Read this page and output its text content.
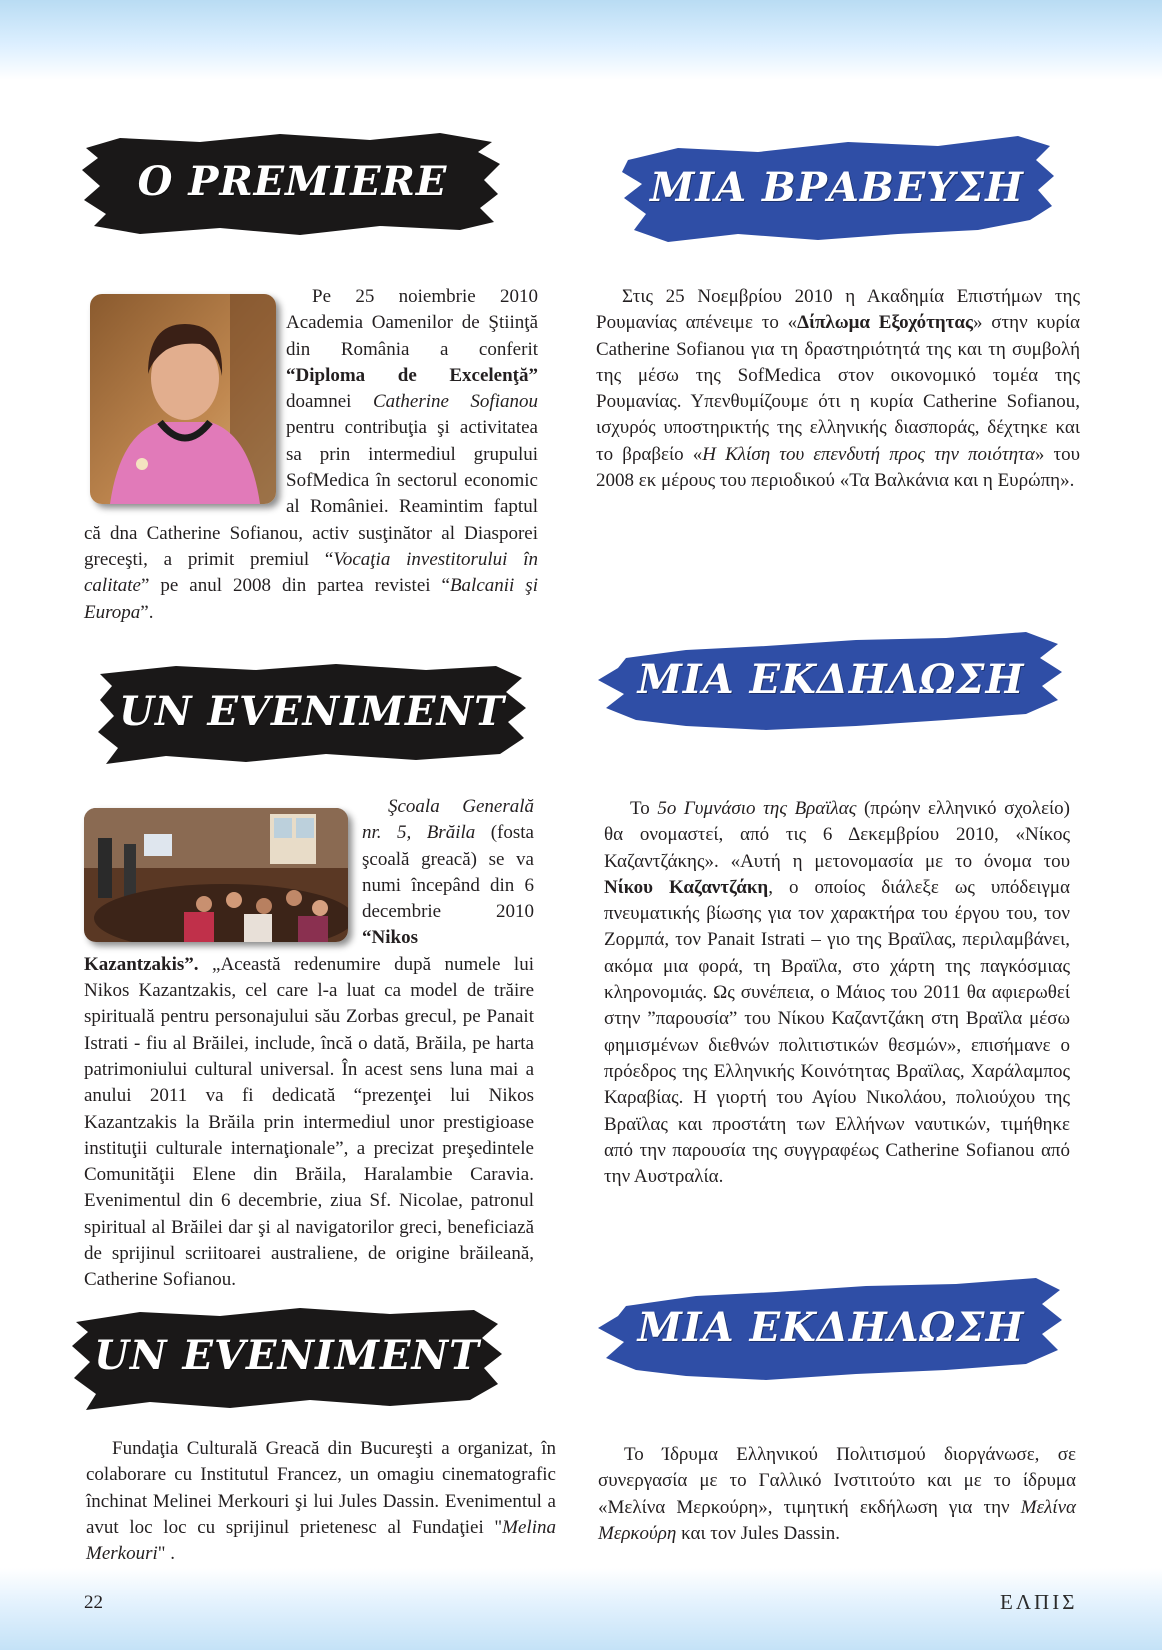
O PREMIERE	ΜΙΑ ΒΡΑΒΕΥΣΗ

Pe 25 noiembrie 2010 Academia Oamenilor de Ştiinţă din România a conferit “Diploma de Excelenţă” doamnei Catherine Sofianou pentru contribuţia şi activitatea sa prin intermediul grupului SofMedica în sectorul economic al României. Reamintim faptul că dna Catherine Sofianou, activ susţinător al Diasporei greceşti, a primit premiul “Vocaţia investitorului în calitate” pe anul 2008 din partea revistei “Balcanii şi Europa”.

Στις 25 Νοεμβρίου 2010 η Ακαδημία Επιστήμων της Ρουμανίας απένειμε το «Δίπλωμα Εξοχότητας» στην κυρία Catherine Sofianou για τη δραστηριότητά της και τη συμβολή της μέσω της SofMedica στον οικονομικό τομέα της Ρουμανίας. Υπενθυμίζουμε ότι η κυρία Catherine Sofianou, ισχυρός υποστηρικτής της ελληνικής διασποράς, δέχτηκε και το βραβείο «Η Κλίση του επενδυτή προς την ποιότητα» του 2008 εκ μέρους του περιοδικού «Τα Βαλκάνια και η Ευρώπη».

UN EVENIMENT
ΜΙΑ ΕΚΔΗΛΩΣΗ

Şcoala Generală nr. 5, Brăila (fosta şcoală greacă) se va numi începând din 6 decembrie 2010 “Nikos Kazantzakis”. „Această redenumire după numele lui Nikos Kazantzakis, cel care l-a luat ca model de trăire spirituală pentru personajului său Zorbas grecul, pe Panait Istrati - fiu al Brăilei, include, încă o dată, Brăila, pe harta patrimoniului cultural universal. În acest sens luna mai a anului 2011 va fi dedicată “prezenţei lui Nikos Kazantzakis la Brăila prin intermediul unor prestigioase instituţii culturale internaţionale”, a precizat preşedintele Comunităţii Elene din Brăila, Haralambie Caravia. Evenimentul din 6 decembrie, ziua Sf. Nicolae, patronul spiritual al Brăilei dar şi al navigatorilor greci, beneficiază de sprijinul scriitoarei australiene, de origine brăileană, Catherine Sofianou.

Το 5ο Γυμνάσιο της Βραϊλας (πρώην ελληνικό σχολείο) θα ονομαστεί, από τις 6 Δεκεμβρίου 2010, «Νίκος Καζαντζάκης». «Αυτή η μετονομασία με το όνομα του Νίκου Καζαντζάκη, ο οποίος διάλεξε ως υπόδειγμα πνευματικής βίωσης για τον χαρακτήρα του έργου του, τον Ζορμπά, τον Panait Istrati – γιο της Βραϊλας, περιλαμβάνει, ακόμα μια φορά, τη Βραϊλα, στο χάρτη της παγκόσμιας κληρονομιάς. Ως συνέπεια, ο Μάιος του 2011 θα αφιερωθεί στην ”παρουσία” του Νίκου Καζαντζάκη στη Βραϊλα μέσω φημισμένων διεθνών πολιτιστικών θεσμών», επισήμανε ο πρόεδρος της Ελληνικής Κοινότητας Βραϊλας, Χαράλαμπος Καραβίας. Η γιορτή του Αγίου Νικολάου, πολιούχου της Βραϊλας και προστάτη των Ελλήνων ναυτικών, τιμήθηκε από την παρουσία της συγγραφέως Catherine Sofianou από την Αυστραλία.

UN EVENIMENT
ΜΙΑ ΕΚΔΗΛΩΣΗ

Fundaţia Culturală Greacă din Bucureşti a organizat, în colaborare cu Institutul Francez, un omagiu cinematografic închinat Melinei Merkouri şi lui Jules Dassin. Evenimentul a avut loc loc cu sprijinul prietenesc al Fundaţiei "Melina Merkouri" .

Το Ίδρυμα Ελληνικού Πολιτισμού διοργάνωσε, σε συνεργασία με το Γαλλικό Ινστιτούτο και με το ίδρυμα «Μελίνα Μερκούρη», τιμητική εκδήλωση για την Μελίνα Μερκούρη και τον Jules Dassin.

22	ΕΛΠΙΣ
